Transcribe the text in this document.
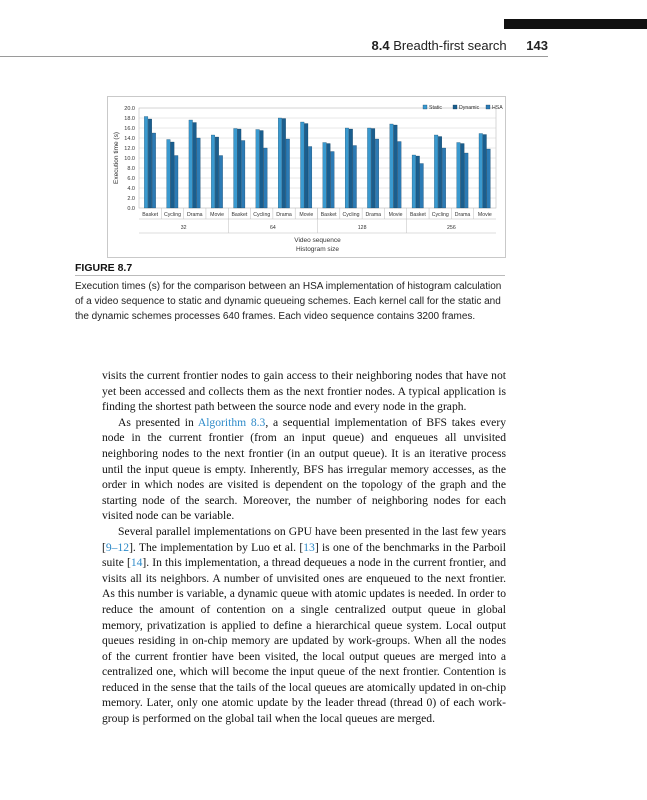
8.4 Breadth-first search 143
20.0
18.0
16.0
14.0
12.0
10.0
8.0
6.0
4.0
2.0
0.0
Execution time (s)
Basket Cycling Drama Movie Basket Cycling Drama Movie Basket Cycling Drama Movie Basket Cycling Drama Movie
32	64	128	256
Video sequence
Histogram size
Static	Dynamic HSA
FIGURE 8.7
Execution times (s) for the comparison between an HSA implementation of histogram calculation of a video sequence to static and dynamic queueing schemes. Each kernel call for the static and the dynamic schemes processes 640 frames. Each video sequence contains 3200 frames.

visits the current frontier nodes to gain access to their neighboring nodes that have not yet been accessed and collects them as the next frontier nodes. A typical application is finding the shortest path between the source node and every node in the graph.

As presented in Algorithm 8.3, a sequential implementation of BFS takes every node in the current frontier (from an input queue) and enqueues all unvisited neighboring nodes to the next frontier (in an output queue). It is an iterative process until the input queue is empty. Inherently, BFS has irregular memory accesses, as the order in which nodes are visited is dependent on the topology of the graph and the starting node of the search. Moreover, the number of neighboring nodes for each visited node can be variable.

Several parallel implementations on GPU have been presented in the last few years [9–12]. The implementation by Luo et al. [13] is one of the benchmarks in the Parboil suite [14]. In this implementation, a thread dequeues a node in the current frontier, and visits all its neighbors. A number of unvisited ones are enqueued to the next frontier. As this number is variable, a dynamic queue with atomic updates is needed. In order to reduce the amount of contention on a single centralized output queue in global memory, privatization is applied to define a hierarchical queue system. Local output queues residing in on-chip memory are updated by work-groups. When all the nodes of the current frontier have been visited, the local output queues are merged into a centralized one, which will become the input queue of the next frontier. Contention is reduced in the sense that the tails of the local queues are atomically updated in on-chip memory. Later, only one atomic update by the leader thread (thread 0) of each work-group is performed on the global tail when the local queues are merged.
